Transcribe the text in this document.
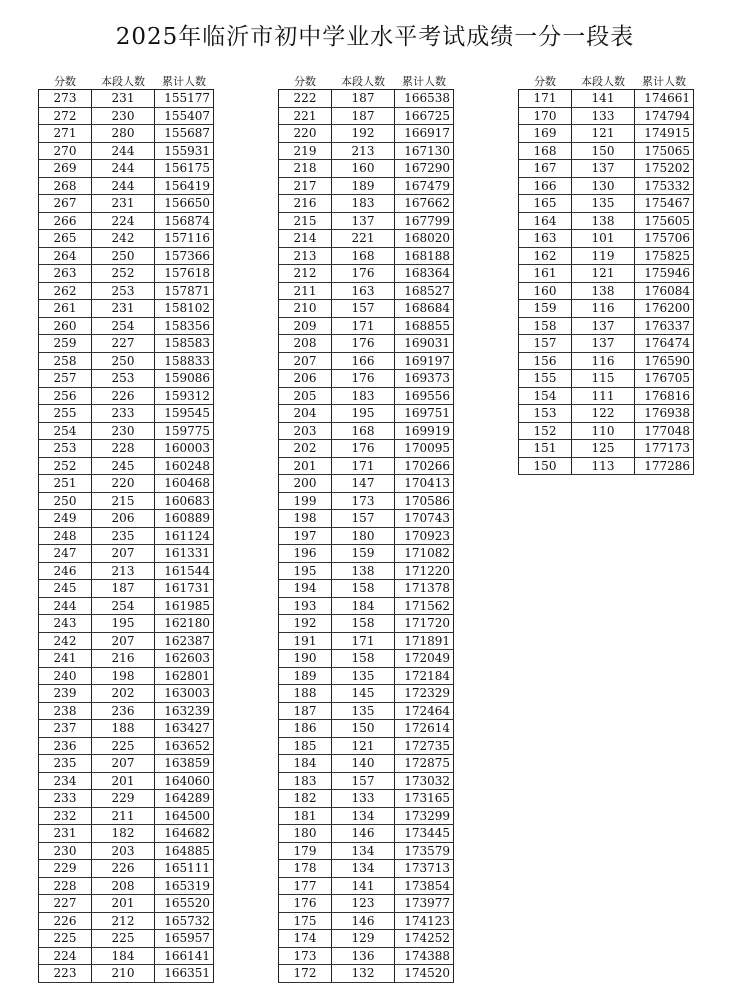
2025年临沂市初中学业水平考试成绩一分一段表
分数	本段人数	累计人数
273	231	155177
272	230	155407
271	280	155687
270	244	155931
269	244	156175
268	244	156419
267	231	156650
266	224	156874
265	242	157116
264	250	157366
263	252	157618
262	253	157871
261	231	158102
260	254	158356
259	227	158583
258	250	158833
257	253	159086
256	226	159312
255	233	159545
254	230	159775
253	228	160003
252	245	160248
251	220	160468
250	215	160683
249	206	160889
248	235	161124
247	207	161331
246	213	161544
245	187	161731
244	254	161985
243	195	162180
242	207	162387
241	216	162603
240	198	162801
239	202	163003
238	236	163239
237	188	163427
236	225	163652
235	207	163859
234	201	164060
233	229	164289
232	211	164500
231	182	164682
230	203	164885
229	226	165111
228	208	165319
227	201	165520
226	212	165732
225	225	165957
224	184	166141
223	210	166351
分数	本段人数	累计人数
222	187	166538
221	187	166725
220	192	166917
219	213	167130
218	160	167290
217	189	167479
216	183	167662
215	137	167799
214	221	168020
213	168	168188
212	176	168364
211	163	168527
210	157	168684
209	171	168855
208	176	169031
207	166	169197
206	176	169373
205	183	169556
204	195	169751
203	168	169919
202	176	170095
201	171	170266
200	147	170413
199	173	170586
198	157	170743
197	180	170923
196	159	171082
195	138	171220
194	158	171378
193	184	171562
192	158	171720
191	171	171891
190	158	172049
189	135	172184
188	145	172329
187	135	172464
186	150	172614
185	121	172735
184	140	172875
183	157	173032
182	133	173165
181	134	173299
180	146	173445
179	134	173579
178	134	173713
177	141	173854
176	123	173977
175	146	174123
174	129	174252
173	136	174388
172	132	174520
分数	本段人数	累计人数
171	141	174661
170	133	174794
169	121	174915
168	150	175065
167	137	175202
166	130	175332
165	135	175467
164	138	175605
163	101	175706
162	119	175825
161	121	175946
160	138	176084
159	116	176200
158	137	176337
157	137	176474
156	116	176590
155	115	176705
154	111	176816
153	122	176938
152	110	177048
151	125	177173
150	113	177286
